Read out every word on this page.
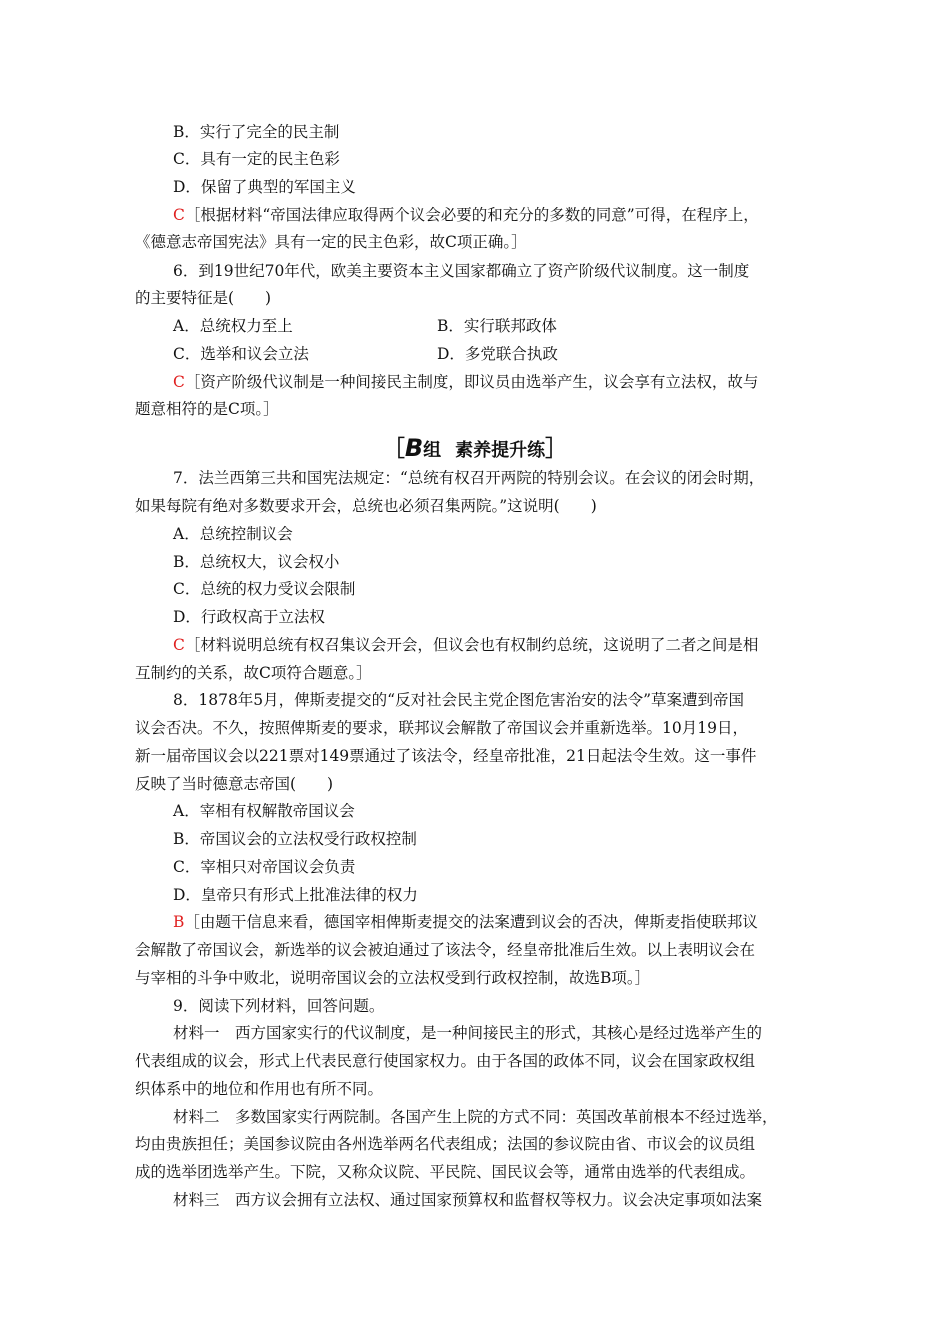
B．实行了完全的民主制
C．具有一定的民主色彩
D．保留了典型的军国主义
C［根据材料“帝国法律应取得两个议会必要的和充分的多数的同意”可得，在程序上，
《德意志帝国宪法》具有一定的民主色彩，故C项正确。］
6．到19世纪70年代，欧美主要资本主义国家都确立了资产阶级代议制度。这一制度
的主要特征是(　　)
A．总统权力至上	B．实行联邦政体
C．选举和议会立法	D．多党联合执政
C［资产阶级代议制是一种间接民主制度，即议员由选举产生，议会享有立法权，故与
题意相符的是C项。］
［B组 素养提升练］
7．法兰西第三共和国宪法规定：“总统有权召开两院的特别会议。在会议的闭会时期，
如果每院有绝对多数要求开会，总统也必须召集两院。”这说明(　　)
A．总统控制议会
B．总统权大，议会权小
C．总统的权力受议会限制
D．行政权高于立法权
C［材料说明总统有权召集议会开会，但议会也有权制约总统，这说明了二者之间是相
互制约的关系，故C项符合题意。］
8．1878年5月，俾斯麦提交的“反对社会民主党企图危害治安的法令”草案遭到帝国
议会否决。不久，按照俾斯麦的要求，联邦议会解散了帝国议会并重新选举。10月19日，
新一届帝国议会以221票对149票通过了该法令，经皇帝批准，21日起法令生效。这一事件
反映了当时德意志帝国(　　)
A．宰相有权解散帝国议会
B．帝国议会的立法权受行政权控制
C．宰相只对帝国议会负责
D．皇帝只有形式上批准法律的权力
B［由题干信息来看，德国宰相俾斯麦提交的法案遭到议会的否决，俾斯麦指使联邦议
会解散了帝国议会，新选举的议会被迫通过了该法令，经皇帝批准后生效。以上表明议会在
与宰相的斗争中败北，说明帝国议会的立法权受到行政权控制，故选B项。］
9．阅读下列材料，回答问题。
材料一　西方国家实行的代议制度，是一种间接民主的形式，其核心是经过选举产生的
代表组成的议会，形式上代表民意行使国家权力。由于各国的政体不同，议会在国家政权组
织体系中的地位和作用也有所不同。
材料二　多数国家实行两院制。各国产生上院的方式不同：英国改革前根本不经过选举，
均由贵族担任；美国参议院由各州选举两名代表组成；法国的参议院由省、市议会的议员组
成的选举团选举产生。下院，又称众议院、平民院、国民议会等，通常由选举的代表组成。
材料三　西方议会拥有立法权、通过国家预算权和监督权等权力。议会决定事项如法案
